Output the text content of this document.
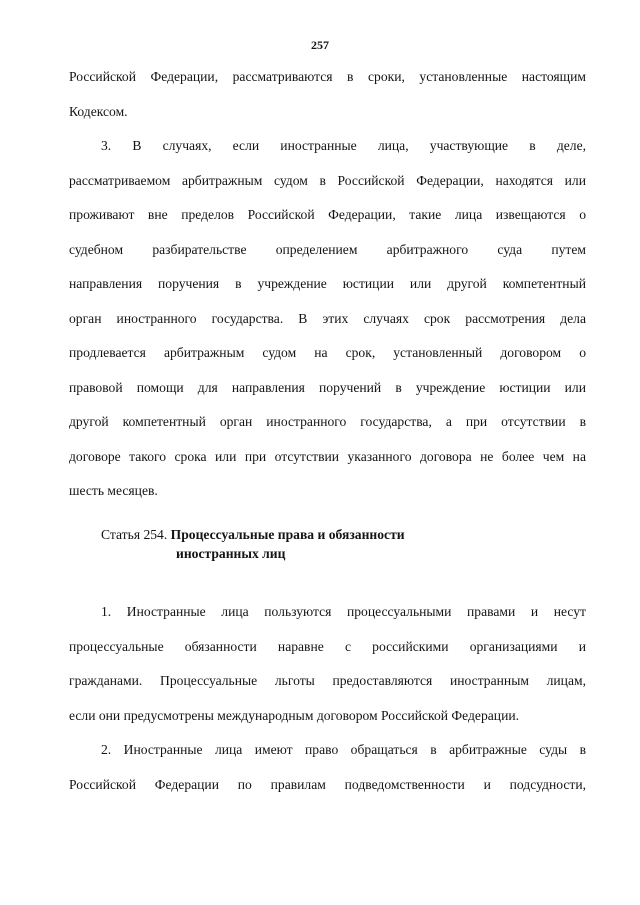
257
Российской Федерации, рассматриваются в сроки, установленные настоящим
Кодексом.
3. В случаях, если иностранные лица, участвующие в деле,
рассматриваемом арбитражным судом в Российской Федерации, находятся или
проживают вне пределов Российской Федерации, такие лица извещаются о
судебном разбирательстве определением арбитражного суда путем
направления поручения в учреждение юстиции или другой компетентный
орган иностранного государства. В этих случаях срок рассмотрения дела
продлевается арбитражным судом на срок, установленный договором о
правовой помощи для направления поручений в учреждение юстиции или
другой компетентный орган иностранного государства, а при отсутствии в
договоре такого срока или при отсутствии указанного договора не более чем на
шесть месяцев.
Статья 254. Процессуальные права и обязанности
иностранных лиц
1. Иностранные лица пользуются процессуальными правами и несут
процессуальные обязанности наравне с российскими организациями и
гражданами. Процессуальные льготы предоставляются иностранным лицам,
если они предусмотрены международным договором Российской Федерации.
2. Иностранные лица имеют право обращаться в арбитражные суды в
Российской Федерации по правилам подведомственности и подсудности,
